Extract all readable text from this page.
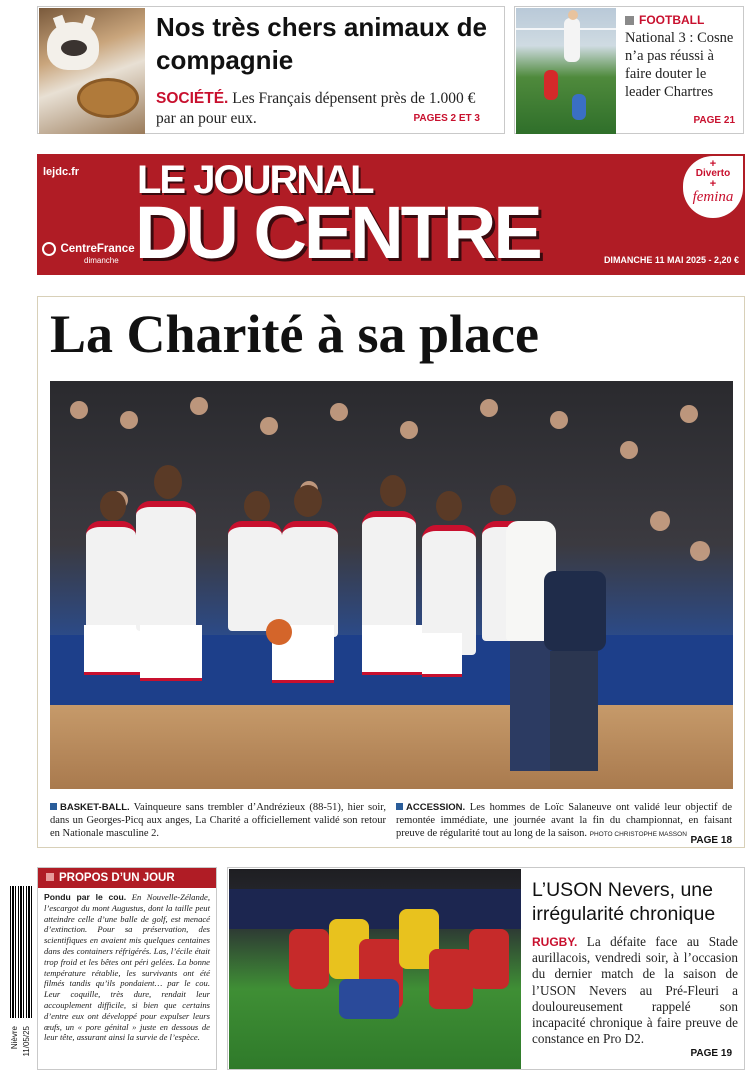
Nos très chers animaux de compagnie
SOCIÉTÉ. Les Français dépensent près de 1.000 € par an pour eux.	PAGES 2 ET 3
FOOTBALL
National 3 : Cosne n’a pas réussi à faire douter le leader Chartres
PAGE 21
lejdc.fr LE JOURNAL
DU CENTRE
CentreFrance
dimanche	DIMANCHE 11 MAI 2025 - 2,20 €
+
Diverto
+
femina
La Charité à sa place
BASKET-BALL. Vainqueure sans trembler d’Andrézieux (88-51), hier soir, dans un Georges-Picq aux anges, La Charité a officiellement validé son retour en Nationale masculine 2.
ACCESSION. Les hommes de Loïc Salaneuve ont validé leur objectif de remontée immédiate, une journée avant la fin du championnat, en faisant preuve de régularité tout au long de la saison. PHOTO CHRISTOPHE MASSON
PAGE 18
Nièvre 11/05/25
PROPOS D’UN JOUR
Pondu par le cou. En Nouvelle-Zélande, l’escargot du mont Augustus, dont la taille peut atteindre celle d’une balle de golf, est menacé d’extinction. Pour sa préservation, des scientifiques en avaient mis quelques centaines dans des containers réfrigérés. Las, l’écile était trop froid et les bêtes ont péri gelées. La bonne température rétablie, les survivants ont été filmés tandis qu’ils pondaient… par le cou. Leur coquille, très dure, rendait leur accouplement difficile, si bien que certains d’entre eux ont développé pour expulser leurs œufs, un « pore génital » juste en dessous de leur tête, assurant ainsi la survie de l’espèce.
L’USON Nevers, une irrégularité chronique
RUGBY. La défaite face au Stade aurillacois, vendredi soir, à l’occasion du dernier match de la saison de l’USON Nevers au Pré-Fleuri a douloureusement rappelé son incapacité chronique à faire preuve de constance en Pro D2.
PAGE 19
